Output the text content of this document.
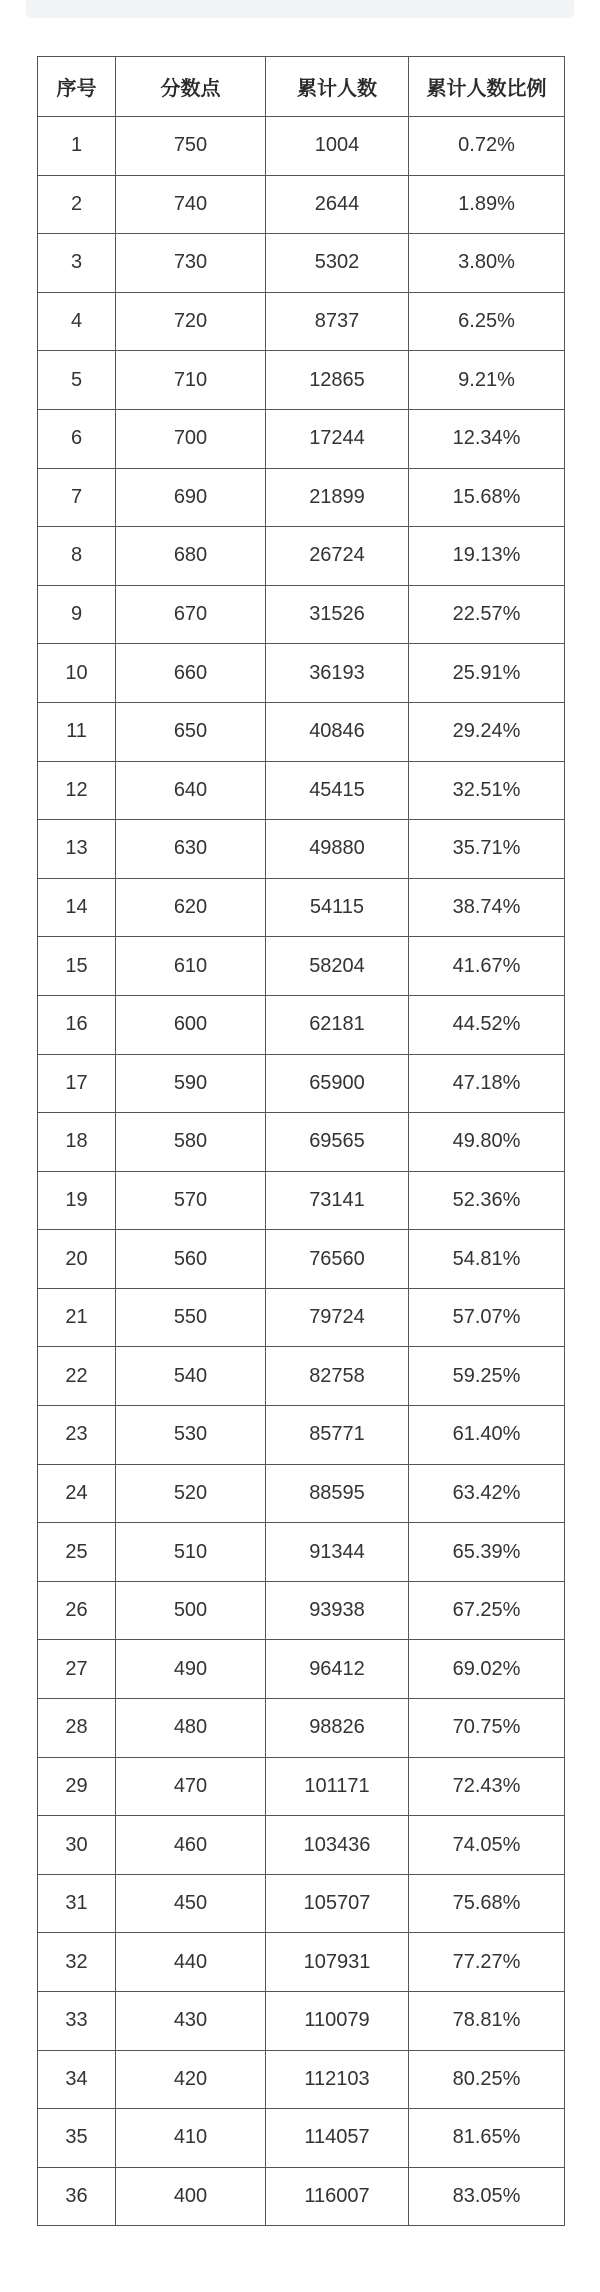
序号	分数点	累计人数	累计人数比例
1	750	1004	0.72%
2	740	2644	1.89%
3	730	5302	3.80%
4	720	8737	6.25%
5	710	12865	9.21%
6	700	17244	12.34%
7	690	21899	15.68%
8	680	26724	19.13%
9	670	31526	22.57%
10	660	36193	25.91%
11	650	40846	29.24%
12	640	45415	32.51%
13	630	49880	35.71%
14	620	54115	38.74%
15	610	58204	41.67%
16	600	62181	44.52%
17	590	65900	47.18%
18	580	69565	49.80%
19	570	73141	52.36%
20	560	76560	54.81%
21	550	79724	57.07%
22	540	82758	59.25%
23	530	85771	61.40%
24	520	88595	63.42%
25	510	91344	65.39%
26	500	93938	67.25%
27	490	96412	69.02%
28	480	98826	70.75%
29	470	101171	72.43%
30	460	103436	74.05%
31	450	105707	75.68%
32	440	107931	77.27%
33	430	110079	78.81%
34	420	112103	80.25%
35	410	114057	81.65%
36	400	116007	83.05%
